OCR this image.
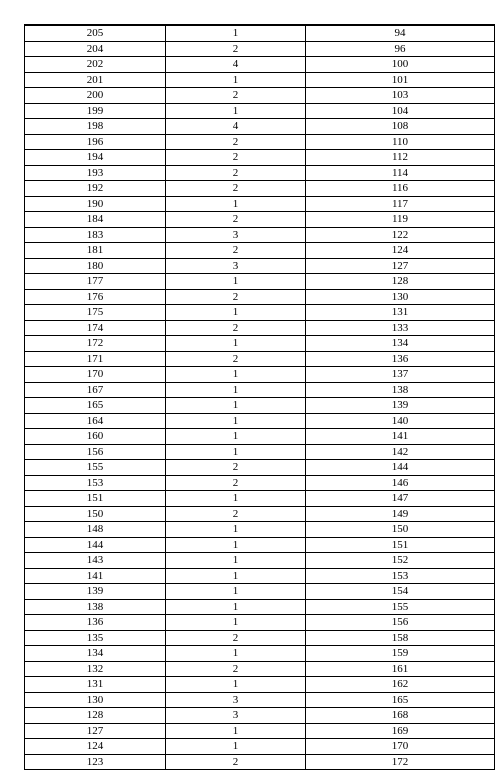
205	1	94
204	2	96
202	4	100
201	1	101
200	2	103
199	1	104
198	4	108
196	2	110
194	2	112
193	2	114
192	2	116
190	1	117
184	2	119
183	3	122
181	2	124
180	3	127
177	1	128
176	2	130
175	1	131
174	2	133
172	1	134
171	2	136
170	1	137
167	1	138
165	1	139
164	1	140
160	1	141
156	1	142
155	2	144
153	2	146
151	1	147
150	2	149
148	1	150
144	1	151
143	1	152
141	1	153
139	1	154
138	1	155
136	1	156
135	2	158
134	1	159
132	2	161
131	1	162
130	3	165
128	3	168
127	1	169
124	1	170
123	2	172
